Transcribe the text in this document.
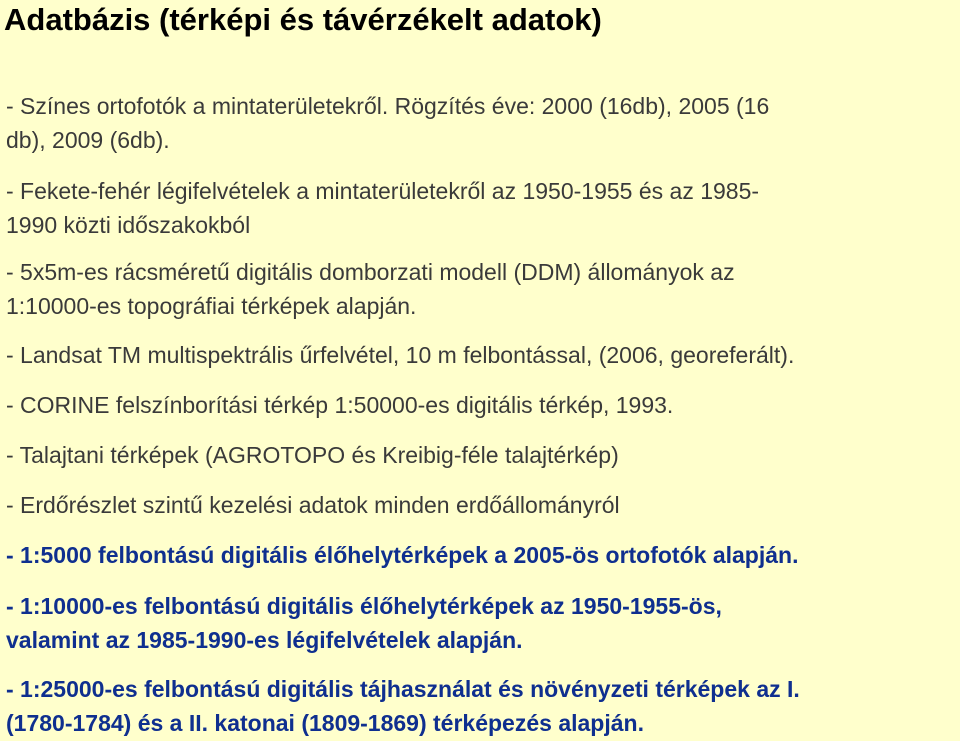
Adatbázis (térképi és távérzékelt adatok)
- Színes ortofotók a mintaterületekről. Rögzítés éve: 2000 (16db), 2005 (16
db), 2009 (6db).
- Fekete-fehér légifelvételek a mintaterületekről az 1950-1955 és az 1985-
1990 közti időszakokból
- 5x5m-es rácsméretű digitális domborzati modell (DDM) állományok az
1:10000-es topográfiai térképek alapján.
- Landsat TM multispektrális űrfelvétel, 10 m felbontással, (2006, georeferált).
- CORINE felszínborítási térkép 1:50000-es digitális térkép, 1993.
- Talajtani térképek (AGROTOPO és Kreibig-féle talajtérkép)
- Erdőrészlet szintű kezelési adatok minden erdőállományról
- 1:5000 felbontású digitális élőhelytérképek a 2005-ös ortofotók alapján.
- 1:10000-es felbontású digitális élőhelytérképek az 1950-1955-ös,
valamint az 1985-1990-es légifelvételek alapján.
- 1:25000-es felbontású digitális tájhasználat és növényzeti térképek az I.
(1780-1784) és a II. katonai (1809-1869) térképezés alapján.
